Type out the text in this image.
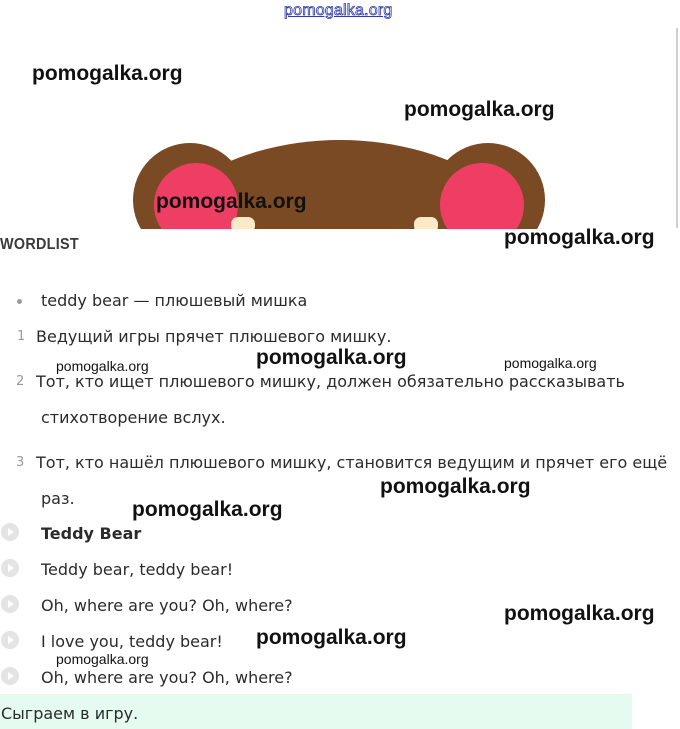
pomogalka.org
WORDLIST
teddy bear — плюшевый мишка
1 Ведущий игры прячет плюшевого мишку.
2 Тот, кто ищет плюшевого мишку, должен обязательно рассказывать
стихотворение вслух.
3 Тот, кто нашёл плюшевого мишку, становится ведущим и прячет его ещё
раз.
Teddy Bear
Teddy bear, teddy bear!
Oh, where are you? Oh, where?
I love you, teddy bear!
Oh, where are you? Oh, where?
Сыграем в игру.
pomogalka.org
pomogalka.org
pomogalka.org
pomogalka.org
pomogalka.org	pomogalka.org	pomogalka.org
pomogalka.org
pomogalka.org
pomogalka.org
pomogalka.org
pomogalka.org
